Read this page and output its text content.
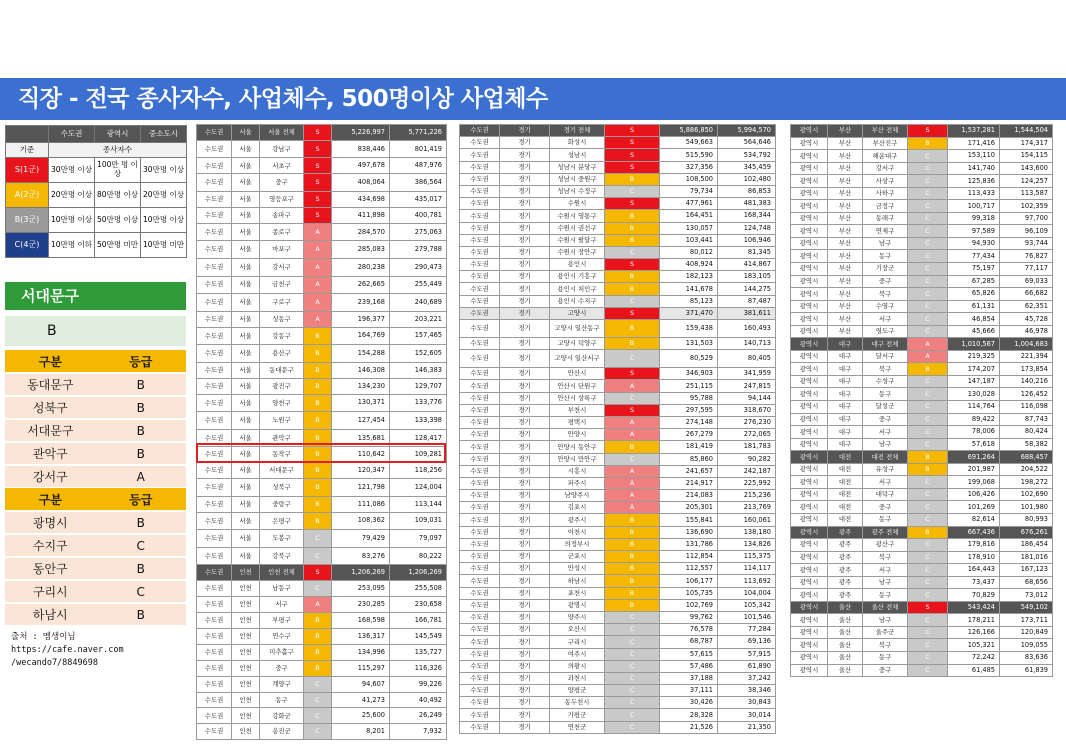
직장 - 전국 종사자수, 사업체수, 500명이상 사업체수
	수도권	광역시	중소도시
기준	종사자수		
S(1군)	30만명 이상	100만 명 이상	30만명 이상
A(2군)	20만명 이상	80만명 이상	20만명 이상
B(3군)	10만명 이상	50만명 이상	10만명 이상
C(4군)	10만명 이하	50만명 미만	10만명 미만
서대문구
B
구분	등급
동대문구	B
성북구	B
서대문구	B
관악구	B
강서구	A
구분	등급
광명시	B
수지구	C
동안구	B
구리시	C
하남시	B
출처 : 멤생이님
https://cafe.naver.com
/wecando7/8849698
수도권	서울	서울 전체	S	5,226,997	5,771,226
수도권	서울	강남구	S	838,446	801,419
수도권	서울	서초구	S	497,678	487,976
수도권	서울	중구	S	408,064	386,564
수도권	서울	영등포구	S	434,698	435,017
수도권	서울	송파구	S	411,898	400,781
수도권	서울	종로구	A	284,570	275,063
수도권	서울	마포구	A	285,083	279,788
수도권	서울	강서구	A	280,238	290,473
수도권	서울	금천구	A	262,665	255,449
수도권	서울	구로구	A	239,168	240,689
수도권	서울	성동구	A	196,377	203,221
수도권	서울	강동구	B	164,769	157,465
수도권	서울	용산구	B	154,288	152,605
수도권	서울	동대문구	B	146,308	146,383
수도권	서울	광진구	B	134,230	129,707
수도권	서울	양천구	B	130,371	133,776
수도권	서울	노원구	B	127,454	133,398
수도권	서울	관악구	B	135,681	128,417
수도권	서울	동작구	B	110,642	109,281
수도권	서울	서대문구	B	120,347	118,256
수도권	서울	성북구	B	121,798	124,004
수도권	서울	중랑구	B	111,086	113,144
수도권	서울	은평구	B	108,362	109,031
수도권	서울	도봉구	C	79,429	79,097
수도권	서울	강북구	C	83,276	80,222
수도권	인천	인천 전체	S	1,206,269	1,206,269
수도권	인천	남동구	C	253,095	255,508
수도권	인천	서구	A	230,285	230,658
수도권	인천	부평구	B	168,598	166,781
수도권	인천	연수구	B	136,317	145,549
수도권	인천	미추홀구	B	134,996	135,727
수도권	인천	중구	B	115,297	116,326
수도권	인천	계양구	C	94,607	99,226
수도권	인천	동구	C	41,273	40,492
수도권	인천	강화군	C	25,600	26,249
수도권	인천	옹진군	C	8,201	7,932
수도권	경기	경기 전체	S	5,886,850	5,994,570
수도권	경기	화성시	S	549,663	564,646
수도권	경기	성남시	S	515,590	534,792
수도권	경기	성남시 분당구	S	327,356	345,459
수도권	경기	성남시 중원구	B	108,500	102,480
수도권	경기	성남시 수정구	C	79,734	86,853
수도권	경기	수원시	S	477,961	481,383
수도권	경기	수원시 영통구	B	164,451	168,344
수도권	경기	수원시 권선구	B	130,057	124,748
수도권	경기	수원시 팔달구	B	103,441	106,946
수도권	경기	수원시 장안구	C	80,012	81,345
수도권	경기	용인시	S	408,924	414,867
수도권	경기	용인시 기흥구	B	182,123	183,105
수도권	경기	용인시 처인구	B	141,678	144,275
수도권	경기	용인시 수지구	C	85,123	87,487
수도권	경기	고양시	S	371,470	381,611
수도권	경기	고양시 일산동구	B	159,438	160,493
수도권	경기	고양시 덕양구	B	131,503	140,713
수도권	경기	고양시 일산서구	C	80,529	80,405
수도권	경기	안산시	S	346,903	341,959
수도권	경기	안산시 단원구	A	251,115	247,815
수도권	경기	안산시 상록구	C	95,788	94,144
수도권	경기	부천시	S	297,595	318,670
수도권	경기	평택시	A	274,148	276,230
수도권	경기	안양시	A	267,279	272,065
수도권	경기	안양시 동안구	B	181,419	181,783
수도권	경기	안양시 만안구	C	85,860	90,282
수도권	경기	시흥시	A	241,657	242,187
수도권	경기	파주시	A	214,917	225,992
수도권	경기	남양주시	A	214,083	215,236
수도권	경기	김포시	A	205,301	213,769
수도권	경기	광주시	B	155,841	160,061
수도권	경기	이천시	B	136,690	138,180
수도권	경기	의정부시	B	131,786	134,826
수도권	경기	군포시	B	112,854	115,375
수도권	경기	안성시	B	112,557	114,117
수도권	경기	하남시	B	106,177	113,692
수도권	경기	포천시	B	105,735	104,004
수도권	경기	광명시	B	102,769	105,342
수도권	경기	양주시	C	99,762	101,546
수도권	경기	오산시	C	76,578	77,284
수도권	경기	구리시	C	68,787	69,136
수도권	경기	여주시	C	57,615	57,915
수도권	경기	의왕시	C	57,486	61,890
수도권	경기	과천시	C	37,188	37,242
수도권	경기	양평군	C	37,111	38,346
수도권	경기	동두천시	C	30,426	30,843
수도권	경기	가평군	C	28,328	30,014
수도권	경기	연천군	C	21,526	21,350
광역시	부산	부산 전체	S	1,537,281	1,544,504
광역시	부산	부산진구	B	171,416	174,317
광역시	부산	해운대구	C	153,110	154,115
광역시	부산	강서구	C	141,740	143,600
광역시	부산	사상구	C	125,836	124,257
광역시	부산	사하구	C	113,433	113,587
광역시	부산	금정구	C	100,717	102,359
광역시	부산	동래구	C	99,318	97,700
광역시	부산	연제구	C	97,589	96,109
광역시	부산	남구	C	94,930	93,744
광역시	부산	동구	C	77,434	76,827
광역시	부산	기장군	C	75,197	77,117
광역시	부산	중구	C	67,285	69,033
광역시	부산	북구	C	65,826	66,682
광역시	부산	수영구	C	61,131	62,351
광역시	부산	서구	C	46,854	45,728
광역시	부산	영도구	C	45,666	46,978
광역시	대구	대구 전체	A	1,010,567	1,004,683
광역시	대구	달서구	A	219,325	221,394
광역시	대구	북구	B	174,207	173,854
광역시	대구	수성구	C	147,187	140,216
광역시	대구	동구	C	130,028	126,452
광역시	대구	달성군	C	114,764	116,098
광역시	대구	중구	C	89,422	87,743
광역시	대구	서구	C	78,006	80,424
광역시	대구	남구	C	57,618	58,382
광역시	대전	대전 전체	B	691,264	688,457
광역시	대전	유성구	B	201,987	204,522
광역시	대전	서구	C	199,068	198,272
광역시	대전	대덕구	C	106,426	102,690
광역시	대전	중구	C	101,269	101,980
광역시	대전	동구	C	82,614	80,993
광역시	광주	광주 전체	B	667,436	676,261
광역시	광주	광산구	C	179,816	186,454
광역시	광주	북구	C	178,910	181,016
광역시	광주	서구	C	164,443	167,123
광역시	광주	남구	C	73,437	68,656
광역시	광주	동구	C	70,829	73,012
광역시	울산	울산 전체	S	543,424	549,102
광역시	울산	남구	C	178,211	173,711
광역시	울산	울주군	C	126,166	120,849
광역시	울산	북구	C	105,321	109,055
광역시	울산	동구	C	72,242	83,636
광역시	울산	중구	C	61,485	61,839
